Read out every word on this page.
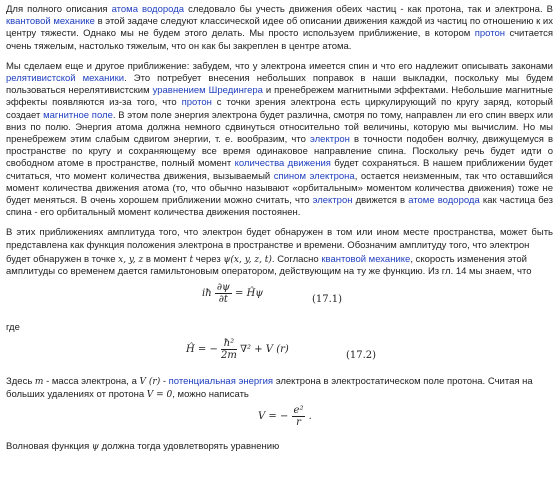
Для полного описания атома водорода следовало бы учесть движения обеих частиц - как протона, так и электрона. В квантовой механике в этой задаче следуют классической идее об описании движения каждой из частиц по отношению к их центру тяжести. Однако мы не будем этого делать. Мы просто используем приближение, в котором протон считается очень тяжелым, настолько тяжелым, что он как бы закреплен в центре атома.

Мы сделаем еще и другое приближение: забудем, что у электрона имеется спин и что его надлежит описывать законами релятивистской механики. Это потребует внесения небольших поправок в наши выкладки, поскольку мы будем пользоваться нерелятивистским уравнением Шредингера и пренебрежем магнитными эффектами. Небольшие магнитные эффекты появляются из-за того, что протон с точки зрения электрона есть циркулирующий по кругу заряд, который создает магнитное поле. В этом поле энергия электрона будет различна, смотря по тому, направлен ли его спин вверх или вниз по полю. Энергия атома должна немного сдвинуться относительно той величины, которую мы вычислим. Но мы пренебрежем этим слабым сдвигом энергии, т. е. вообразим, что электрон в точности подобен волчку, движущемуся в пространстве по кругу и сохраняющему все время одинаковое направление спина. Поскольку речь будет идти о свободном атоме в пространстве, полный момент количества движения будет сохраняться. В нашем приближении будет считаться, что момент количества движения, вызываемый спином электрона, остается неизменным, так что оставшийся момент количества движения атома (то, что обычно называют «орбитальным» моментом количества движения) тоже не будет меняться. В очень хорошем приближении можно считать, что электрон движется в атоме водорода как частица без спина - его орбитальный момент количества движения постоянен.

В этих приближениях амплитуда того, что электрон будет обнаружен в том или ином месте пространства, может быть представлена как функция положения электрона в пространстве и времени. Обозначим амплитуду того, что электрон

будет обнаружен в точке x, y, z в момент t через ψ(x, y, z, t). Согласно квантовой механике, скорость изменения этой
амплитуды со временем дается гамильтоновым оператором, действующим на ту же функцию. Из гл. 14 мы знаем, что

iħ $\frac{\partial\psi}{\partial t}$ = Ĥψ
(17.1)
где
Ĥ = − $\frac{\text{ħ²}}{2m} \nabla^2 + V$ (r)
(17.2)

Здесь m - масса электрона, а V (r) - потенциальная энергия электрона в электростатическом поле протона. Считая на
больших удалениях от протона V = 0, можно написать

V = − $\frac{\text{e²}}{r}$ .

Волновая функция ψ должна тогда удовлетворять уравнению
